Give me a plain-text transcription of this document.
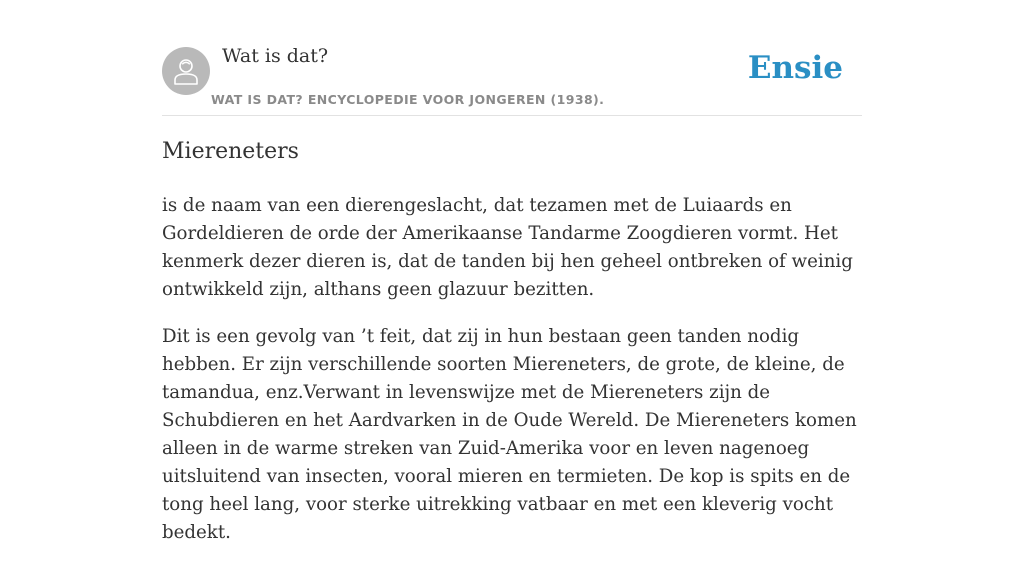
Wat is dat?
WAT IS DAT? ENCYCLOPEDIE VOOR JONGEREN (1938).
Ensie
Miereneters

is de naam van een dierengeslacht, dat tezamen met de Luiaards en Gordeldieren de orde der Amerikaanse Tandarme Zoogdieren vormt. Het kenmerk dezer dieren is, dat de tanden bij hen geheel ontbreken of weinig ontwikkeld zijn, althans geen glazuur bezitten.

Dit is een gevolg van ’t feit, dat zij in hun bestaan geen tanden nodig hebben. Er zijn verschillende soorten Miereneters, de grote, de kleine, de tamandua, enz.Verwant in levenswijze met de Miereneters zijn de Schubdieren en het Aardvarken in de Oude Wereld. De Miereneters komen alleen in de warme streken van Zuid-Amerika voor en leven nagenoeg uitsluitend van insecten, vooral mieren en termieten. De kop is spits en de tong heel lang, voor sterke uitrekking vatbaar en met een kleverig vocht bedekt.
